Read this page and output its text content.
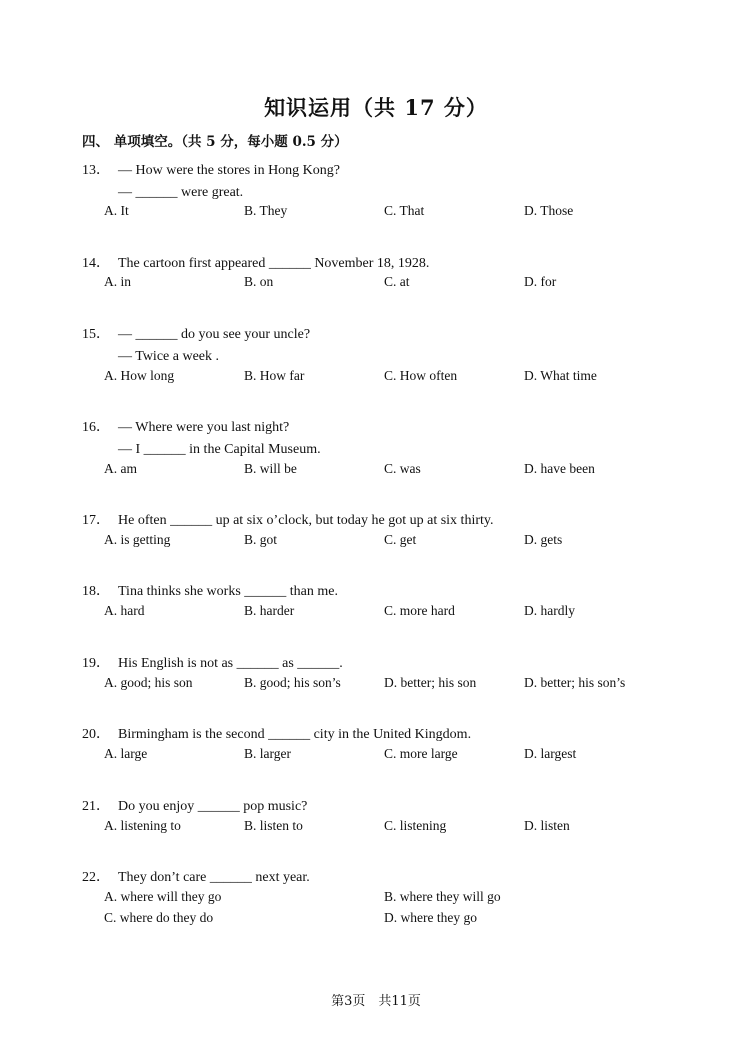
知识运用（共 17 分）
四、 单项填空。（共 5 分，每小题 0.5 分）
13． — How were the stores in Hong Kong?
— ______ were great.
A. It	B. They	C. That	D. Those
14． The cartoon first appeared ______ November 18, 1928.
A. in	B. on	C. at	D. for
15． — ______ do you see your uncle?
— Twice a week .
A. How long	B. How far	C. How often	D. What time
16． — Where were you last night?
— I ______ in the Capital Museum.
A. am	B. will be	C. was	D. have been
17． He often ______ up at six o’clock, but today he got up at six thirty.
A. is getting	B. got	C. get	D. gets
18． Tina thinks she works ______ than me.
A. hard	B. harder	C. more hard	D. hardly
19． His English is not as ______ as ______.
A. good; his son	B. good; his son’s	D. better; his son	D. better; his son’s
20． Birmingham is the second ______ city in the United Kingdom.
A. large	B. larger	C. more large	D. largest
21． Do you enjoy ______ pop music?
A. listening to	B. listen to	C. listening	D. listen
22． They don’t care ______ next year.
A. where will they go	B. where they will go
C. where do they do	D. where they go
第3页　共11页
